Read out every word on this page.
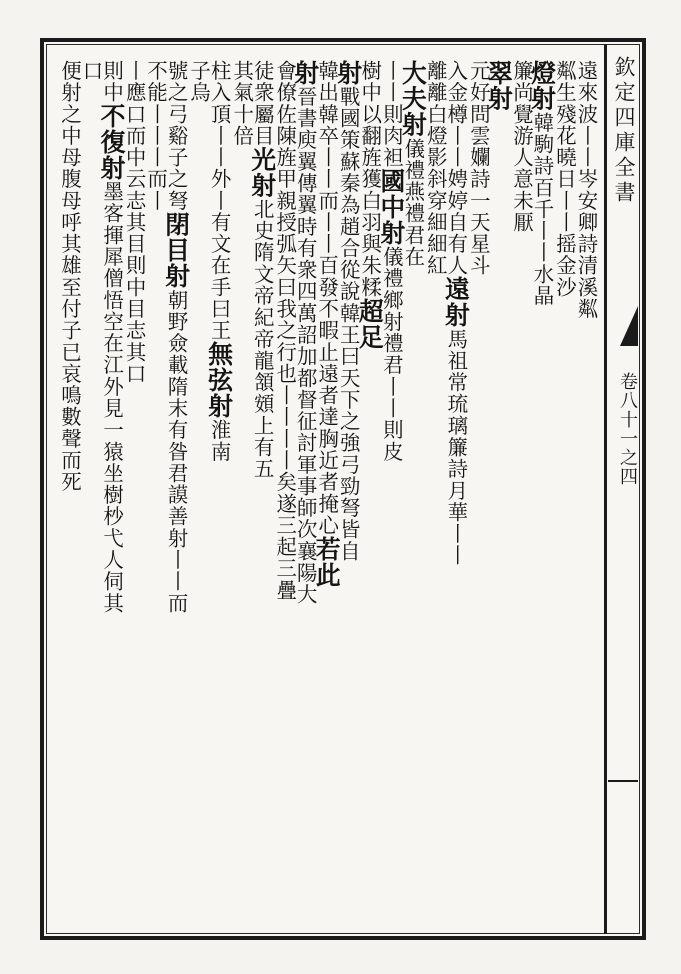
欽定四庫全書
卷八十一之四
遠來波丨丨岑安卿詩清溪粼
粼生殘花曉日丨丨摇金沙
燈射韓駒詩百千丨丨水晶
簾尚覺游人意未厭
翠射
元好問雲孄詩一天星斗
入金樽丨丨娉婷自有人遠射馬祖常琉璃簾詩月華丨丨
離離白燈影斜穿細細紅
大夫射儀禮燕禮君在
丨丨則肉袒國中射儀禮鄉射禮君丨丨則皮
樹中以翻旌獲白羽與朱糅超足
射戰國策蘇秦為趙合從說韓王曰天下之強弓勁弩皆自
韓出韓卒丨丨而丨丨百發不暇止遠者達胸近者掩心若此
射晉書庾翼傳翼時有衆四萬詔加都督征討軍事師次襄陽大
會僚佐陳旌甲親授弧矢曰我之行也丨丨丨丨矣遂三起三疊
徒衆屬目光射北史隋文帝紀帝龍頷頞上有五
其氣十倍
柱入頂丨丨外丨有文在手曰王無弦射淮南
子烏
號之弓谿子之弩閉目射朝野僉載隋末有昝君謨善射丨丨而
不能丨丨丨而丨
丨應口而中云志其目則中目志其口
則中不復射墨客揮犀僧悟空在江外見一猿坐樹杪弋人伺其
口
便射之中母腹母呼其雄至付子已哀鳴數聲而死
